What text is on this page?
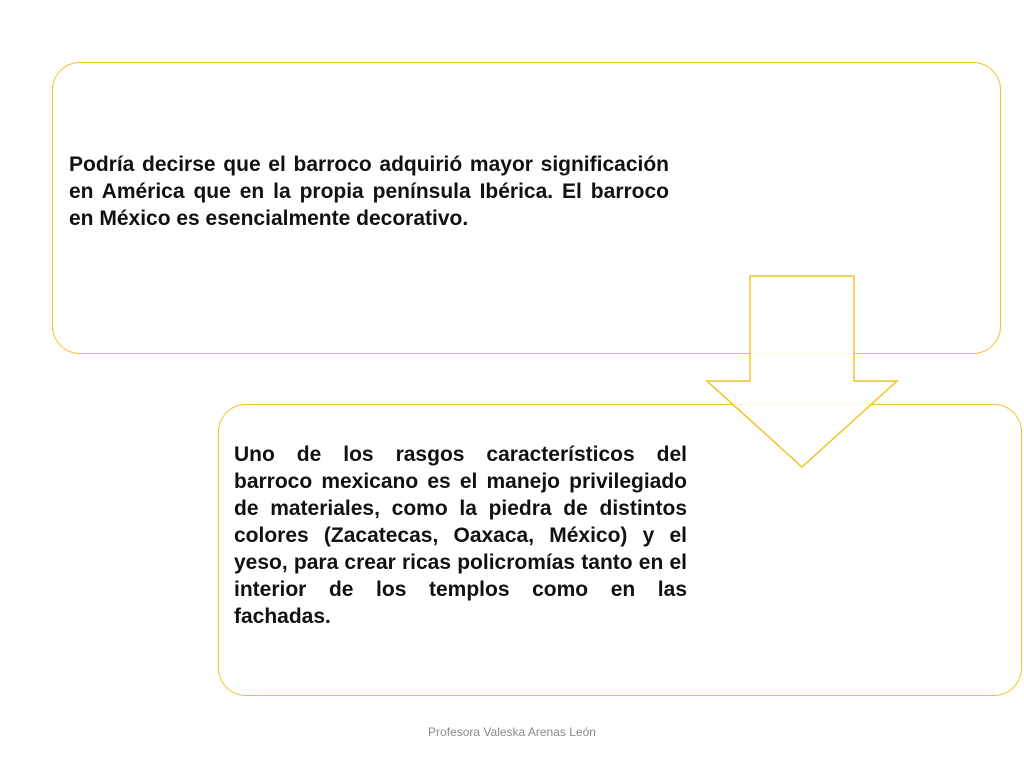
Podría decirse que el barroco adquirió mayor significación en América que en la propia península Ibérica. El barroco en México es esencialmente decorativo.

Uno de los rasgos característicos del barroco mexicano es el manejo privilegiado de materiales, como la piedra de distintos colores (Zacatecas, Oaxaca, México) y el yeso, para crear ricas policromías tanto en el interior de los templos como en las fachadas.

Profesora Valeska Arenas León
